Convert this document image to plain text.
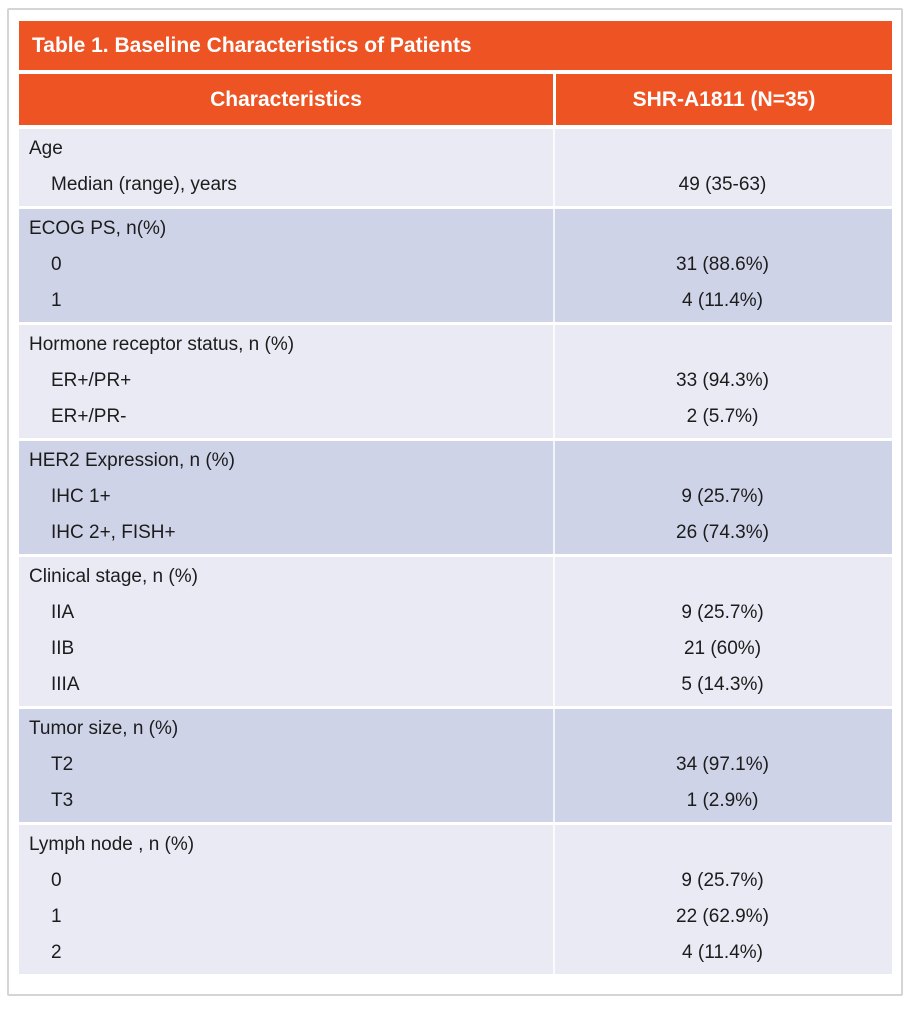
Table 1. Baseline Characteristics of Patients
Characteristics	SHR-A1811 (N=35)
Age
Median (range), years	49 (35-63)
ECOG PS, n(%)
0	31 (88.6%)
1	4 (11.4%)
Hormone receptor status, n (%)
ER+/PR+	33 (94.3%)
ER+/PR-	2 (5.7%)
HER2 Expression, n (%)
IHC 1+	9 (25.7%)
IHC 2+, FISH+	26 (74.3%)
Clinical stage, n (%)
IIA	9 (25.7%)
IIB	21 (60%)
IIIA	5 (14.3%)
Tumor size, n (%)
T2	34 (97.1%)
T3	1 (2.9%)
Lymph node , n (%)
0	9 (25.7%)
1	22 (62.9%)
2	4 (11.4%)
